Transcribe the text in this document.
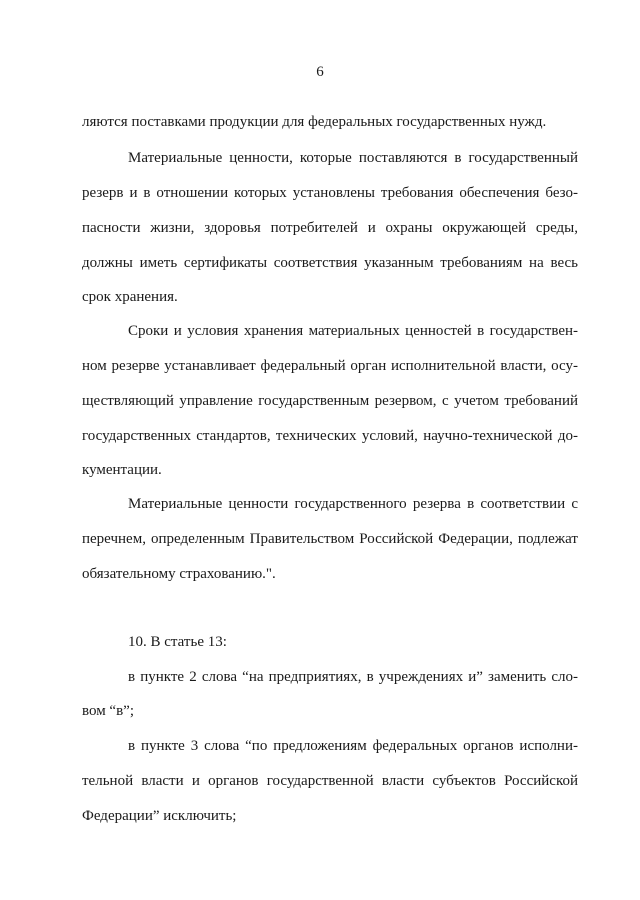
6
ляются поставками продукции для федеральных государственных нужд.
Материальные ценности, которые поставляются в государственный
резерв и в отношении которых установлены требования обеспечения безо-
пасности жизни, здоровья потребителей и охраны окружающей среды,
должны иметь сертификаты соответствия указанным требованиям на весь
срок хранения.
Сроки и условия хранения материальных ценностей в государствен-
ном резерве устанавливает федеральный орган исполнительной власти, осу-
ществляющий управление государственным резервом, с учетом требований
государственных стандартов, технических условий, научно-технической до-
кументации.
Материальные ценности государственного резерва в соответствии с
перечнем, определенным Правительством Российской Федерации, подлежат
обязательному страхованию.".
10. В статье 13:
в пункте 2 слова “на предприятиях, в учреждениях и” заменить сло-
вом “в”;
в пункте 3 слова “по предложениям федеральных органов исполни-
тельной власти и органов государственной власти субъектов Российской
Федерации” исключить;
